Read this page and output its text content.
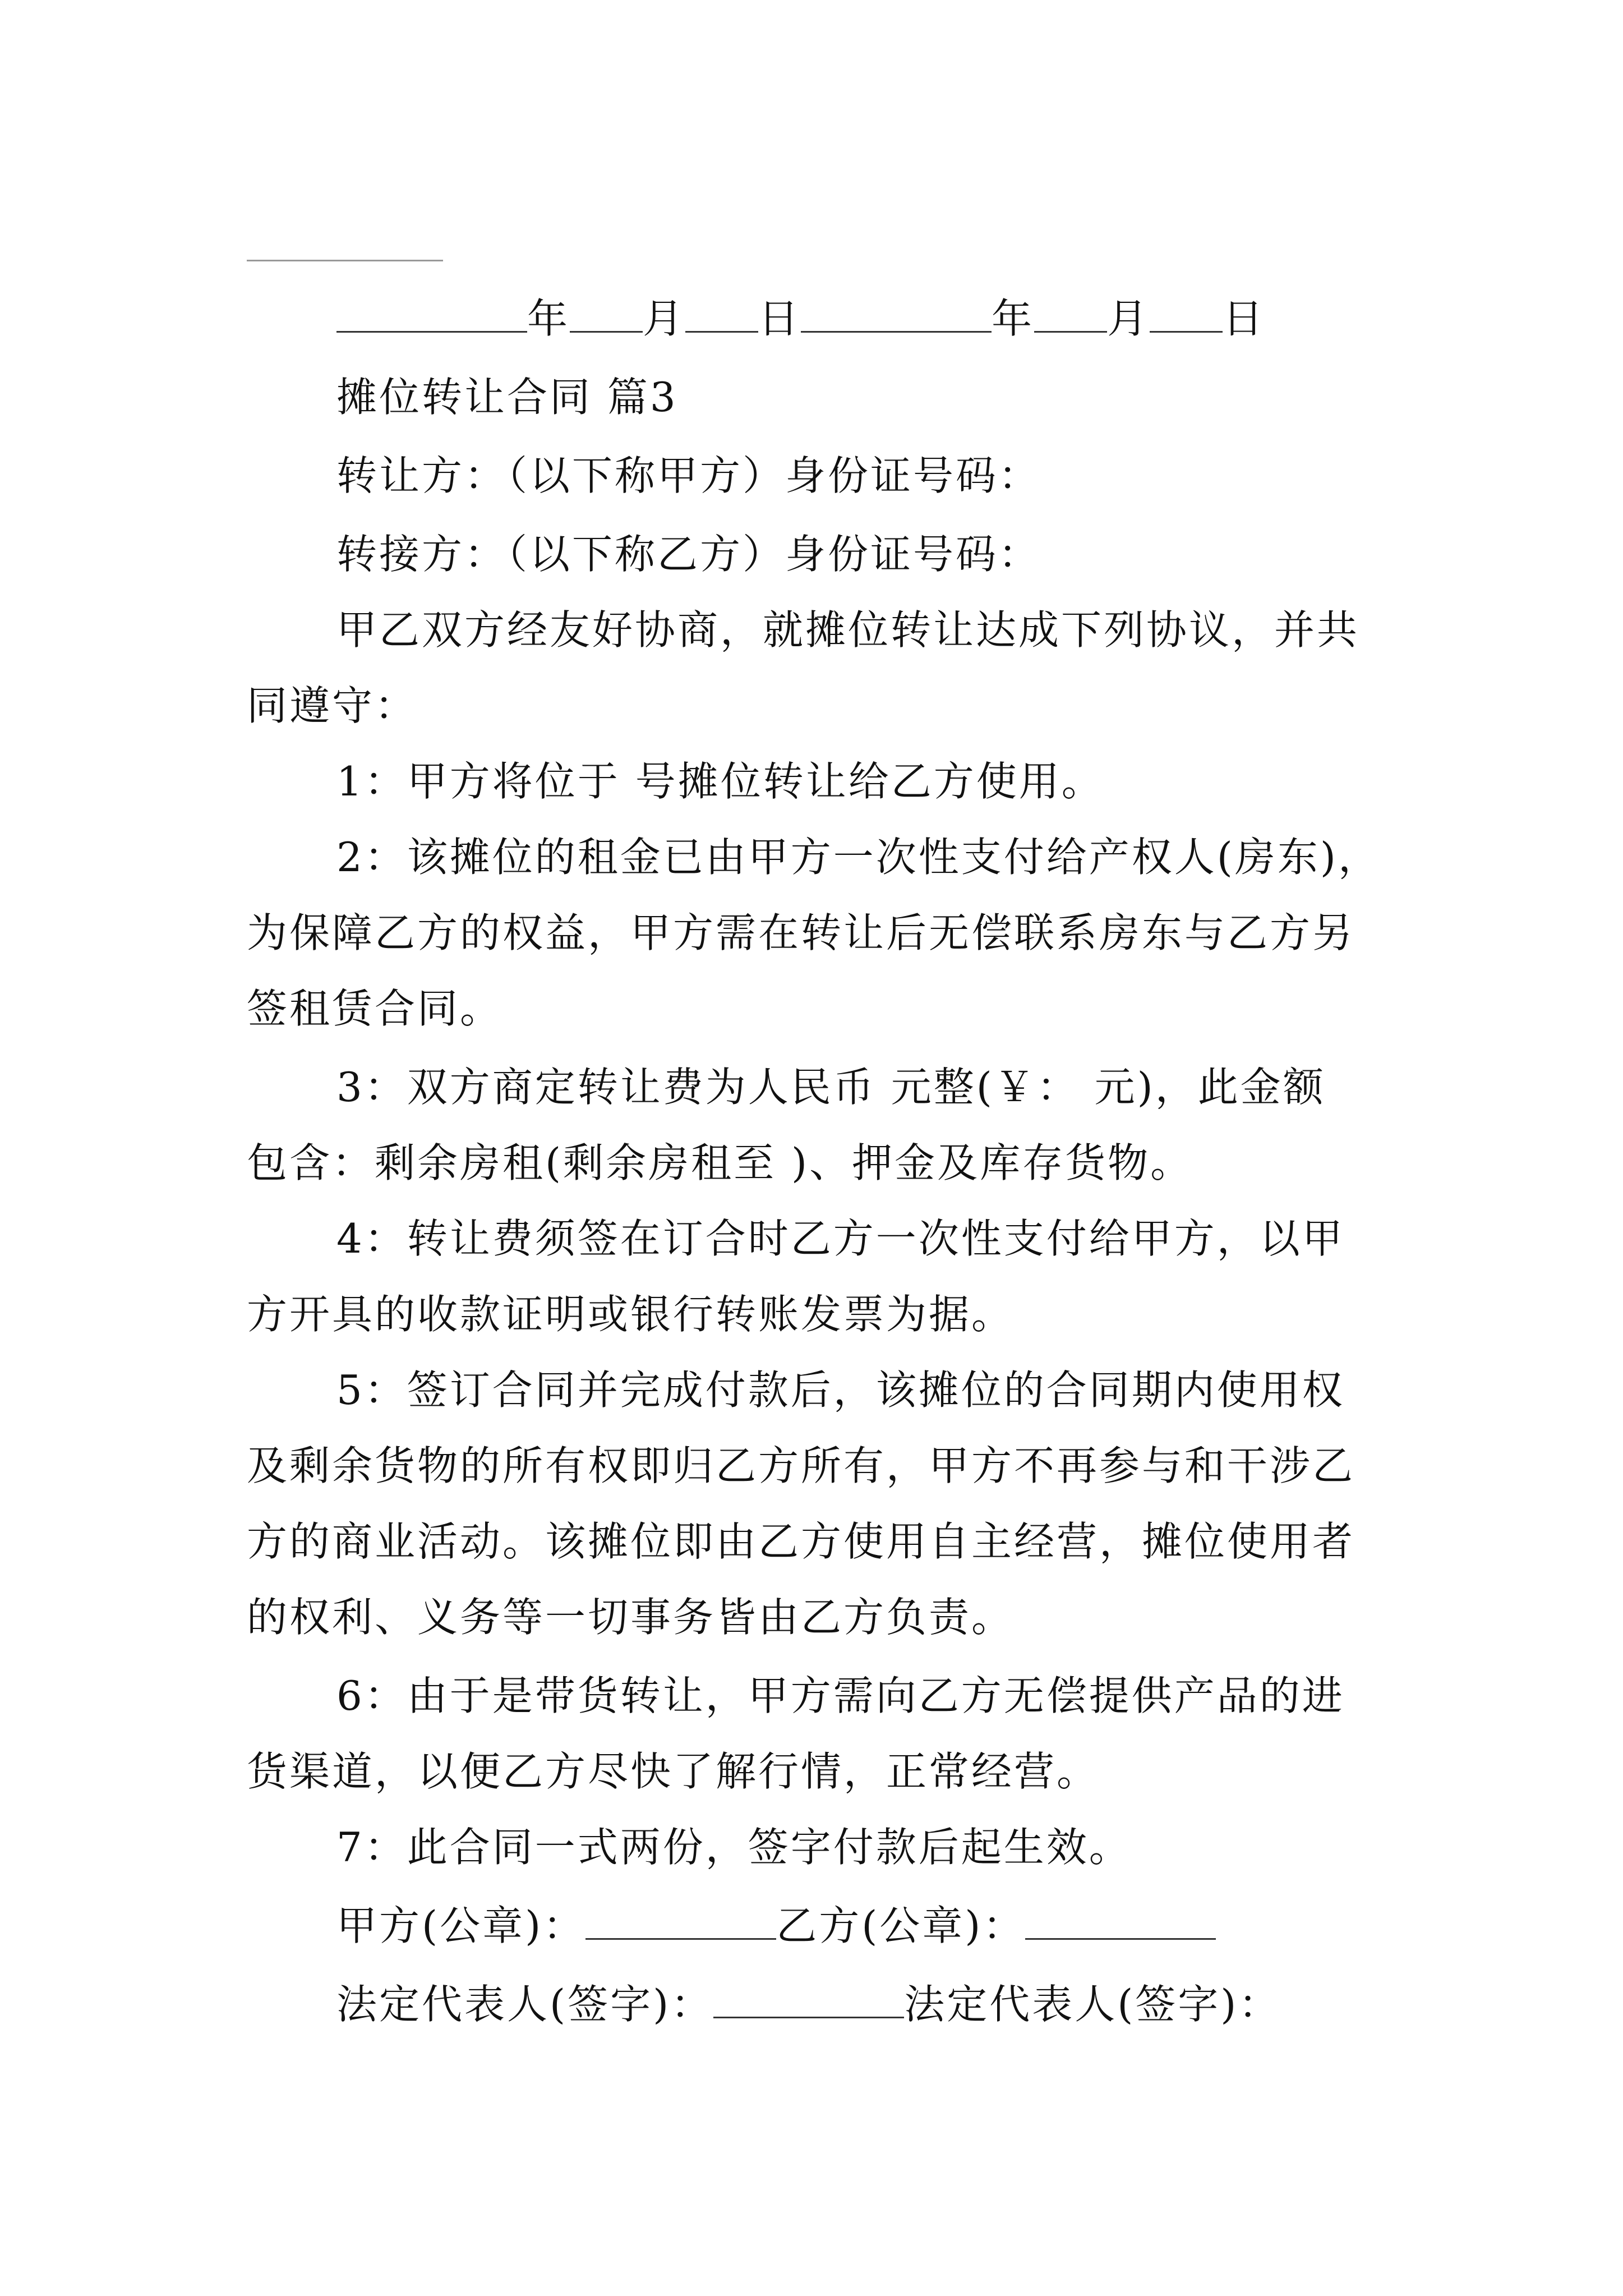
年 月 日	年 月 日
摊位转让合同 篇3
转让方：（以下称甲方）身份证号码：
转接方：（以下称乙方）身份证号码：
甲乙双方经友好协商，就摊位转让达成下列协议，并共
同遵守：
1：甲方将位于 号摊位转让给乙方使用。
2：该摊位的租金已由甲方一次性支付给产权人(房东)，
为保障乙方的权益，甲方需在转让后无偿联系房东与乙方另
签租赁合同。
3：双方商定转让费为人民币 元整(￥： 元)，此金额
包含：剩余房租(剩余房租至 )、押金及库存货物。
4：转让费须签在订合时乙方一次性支付给甲方，以甲
方开具的收款证明或银行转账发票为据。
5：签订合同并完成付款后，该摊位的合同期内使用权
及剩余货物的所有权即归乙方所有，甲方不再参与和干涉乙
方的商业活动。该摊位即由乙方使用自主经营，摊位使用者
的权利、义务等一切事务皆由乙方负责。
6：由于是带货转让，甲方需向乙方无偿提供产品的进
货渠道，以便乙方尽快了解行情，正常经营。
7：此合同一式两份，签字付款后起生效。
甲方(公章)：	乙方(公章)：
法定代表人(签字)：	法定代表人(签字)：
